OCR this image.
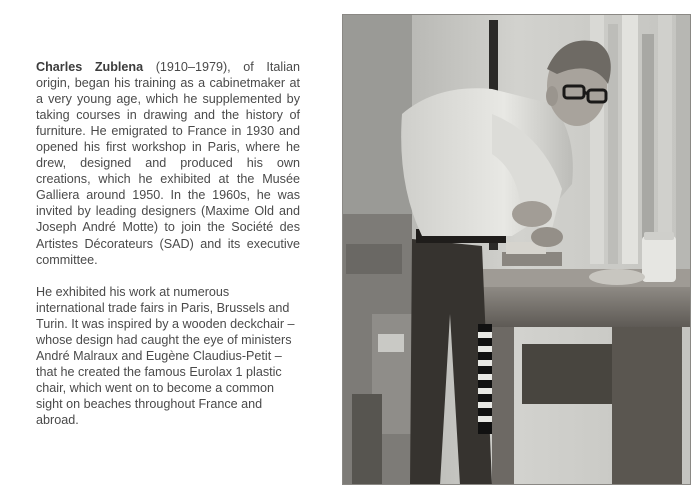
Charles Zublena (1910–1979), of Italian origin, began his training as a cabinetmaker at a very young age, which he supplemented by taking courses in drawing and the history of furniture. He emigrated to France in 1930 and opened his first workshop in Paris, where he drew, designed and produced his own creations, which he exhibited at the Musée Galliera around 1950. In the 1960s, he was invited by leading designers (Maxime Old and Joseph André Motte) to join the Société des Artistes Décorateurs (SAD) and its executive committee.

He exhibited his work at numerous international trade fairs in Paris, Brussels and Turin. It was inspired by a wooden deckchair – whose design had caught the eye of ministers André Malraux and Eugène Claudius-Petit – that he created the famous Eurolax 1 plastic chair, which went on to become a common sight on beaches throughout France and abroad.
